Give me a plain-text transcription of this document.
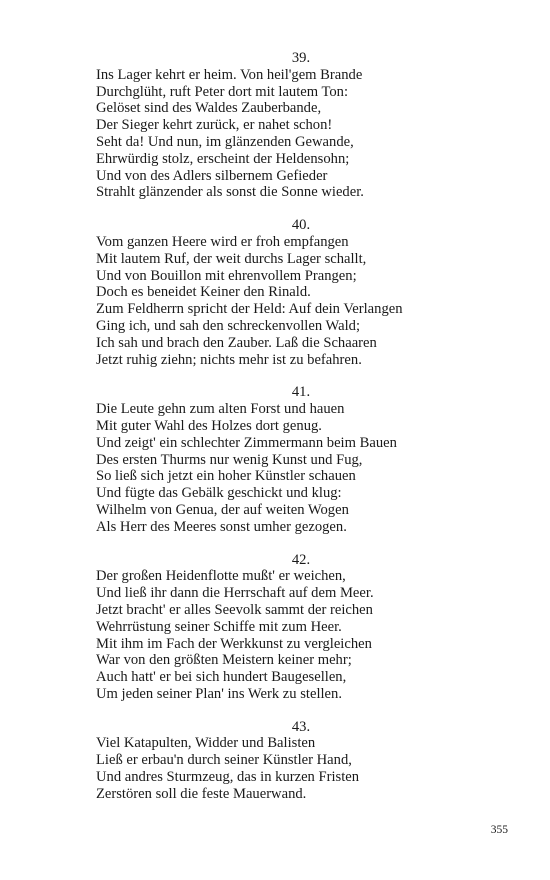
39.

Ins Lager kehrt er heim. Von heil'gem Brande

Durchglüht, ruft Peter dort mit lautem Ton:

Gelöset sind des Waldes Zauberbande,

Der Sieger kehrt zurück, er nahet schon!

Seht da! Und nun, im glänzenden Gewande,

Ehrwürdig stolz, erscheint der Heldensohn;

Und von des Adlers silbernem Gefieder

Strahlt glänzender als sonst die Sonne wieder.

40.

Vom ganzen Heere wird er froh empfangen

Mit lautem Ruf, der weit durchs Lager schallt,

Und von Bouillon mit ehrenvollem Prangen;

Doch es beneidet Keiner den Rinald.

Zum Feldherrn spricht der Held: Auf dein Verlangen

Ging ich, und sah den schreckenvollen Wald;

Ich sah und brach den Zauber. Laß die Schaaren

Jetzt ruhig ziehn; nichts mehr ist zu befahren.

41.

Die Leute gehn zum alten Forst und hauen

Mit guter Wahl des Holzes dort genug.

Und zeigt' ein schlechter Zimmermann beim Bauen

Des ersten Thurms nur wenig Kunst und Fug,

So ließ sich jetzt ein hoher Künstler schauen

Und fügte das Gebälk geschickt und klug:

Wilhelm von Genua, der auf weiten Wogen

Als Herr des Meeres sonst umher gezogen.

42.

Der großen Heidenflotte mußt' er weichen,

Und ließ ihr dann die Herrschaft auf dem Meer.

Jetzt bracht' er alles Seevolk sammt der reichen

Wehrrüstung seiner Schiffe mit zum Heer.

Mit ihm im Fach der Werkkunst zu vergleichen

War von den größten Meistern keiner mehr;

Auch hatt' er bei sich hundert Baugesellen,

Um jeden seiner Plan' ins Werk zu stellen.

43.

Viel Katapulten, Widder und Balisten

Ließ er erbau'n durch seiner Künstler Hand,

Und andres Sturmzeug, das in kurzen Fristen

Zerstören soll die feste Mauerwand.

355
